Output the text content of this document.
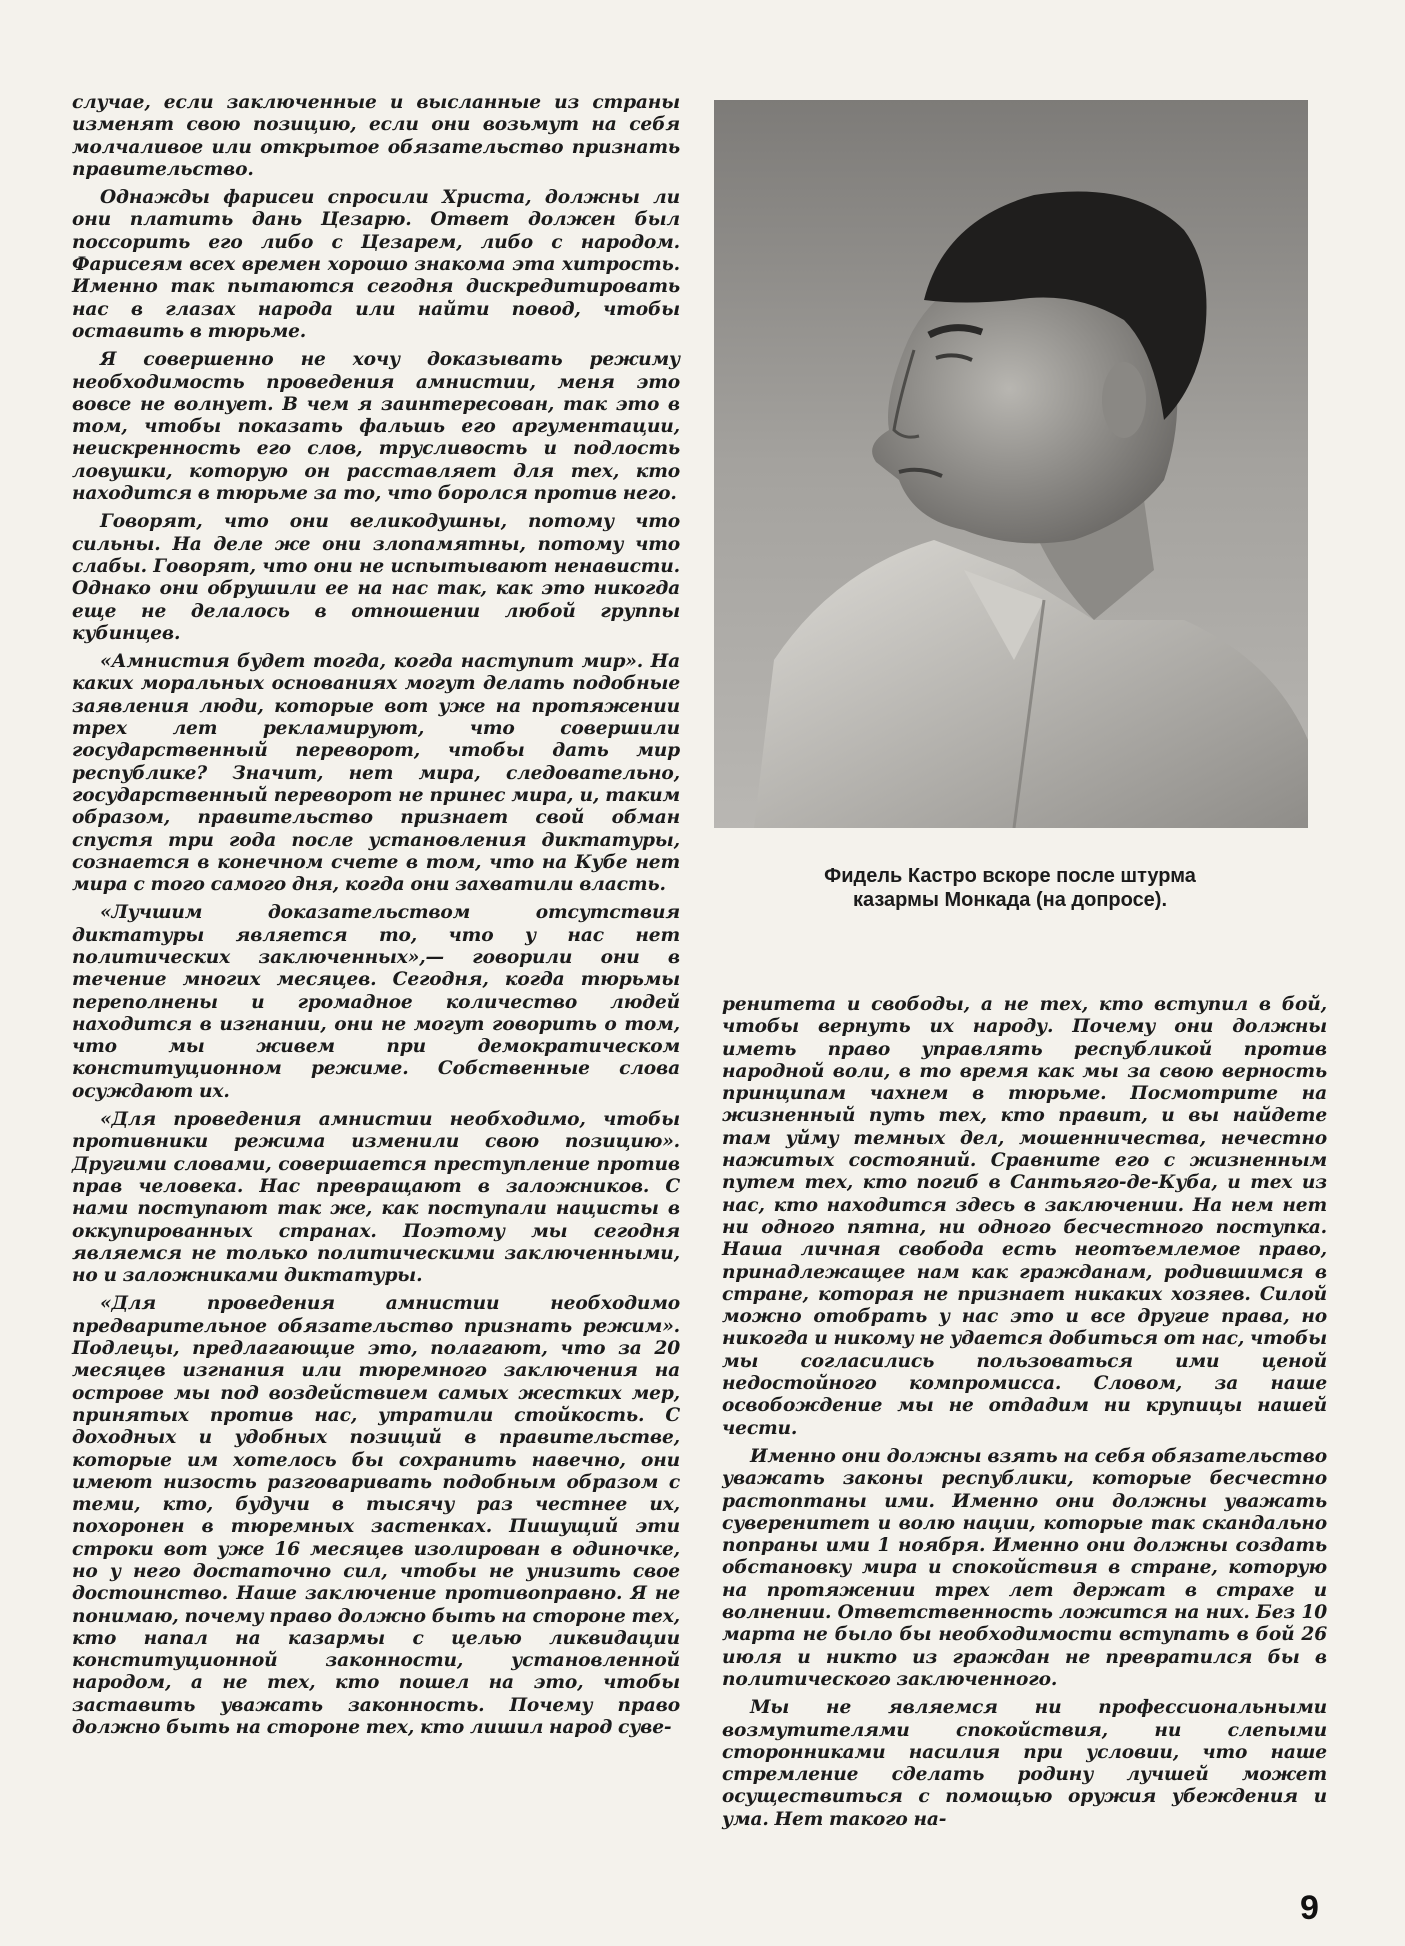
случае, если заключенные и высланные из страны изменят свою позицию, если они возьмут на себя молчаливое или открытое обязательство признать правительство.

Однажды фарисеи спросили Христа, должны ли они платить дань Цезарю. Ответ должен был поссорить его либо с Цезарем, либо с народом. Фарисеям всех времен хорошо знакома эта хитрость. Именно так пытаются сегодня дискредитировать нас в глазах народа или найти повод, чтобы оставить в тюрьме.

Я совершенно не хочу доказывать режиму необходимость проведения амнистии, меня это вовсе не волнует. В чем я заинтересован, так это в том, чтобы показать фальшь его аргументации, неискренность его слов, трусливость и подлость ловушки, которую он расставляет для тех, кто находится в тюрьме за то, что боролся против него.

Говорят, что они великодушны, потому что сильны. На деле же они злопамятны, потому что слабы. Говорят, что они не испытывают ненависти. Однако они обрушили ее на нас так, как это никогда еще не делалось в отношении любой группы кубинцев.

«Амнистия будет тогда, когда наступит мир». На каких моральных основаниях могут делать подобные заявления люди, которые вот уже на протяжении трех лет рекламируют, что совершили государственный переворот, чтобы дать мир республике? Значит, нет мира, следовательно, государственный переворот не принес мира, и, таким образом, правительство признает свой обман спустя три года после установления диктатуры, сознается в конечном счете в том, что на Кубе нет мира с того самого дня, когда они захватили власть.

«Лучшим доказательством отсутствия диктатуры является то, что у нас нет политических заключенных»,— говорили они в течение многих месяцев. Сегодня, когда тюрьмы переполнены и громадное количество людей находится в изгнании, они не могут говорить о том, что мы живем при демократическом конституционном режиме. Собственные слова осуждают их.

«Для проведения амнистии необходимо, чтобы противники режима изменили свою позицию». Другими словами, совершается преступление против прав человека. Нас превращают в заложников. С нами поступают так же, как поступали нацисты в оккупированных странах. Поэтому мы сегодня являемся не только политическими заключенными, но и заложниками диктатуры.

«Для проведения амнистии необходимо предварительное обязательство признать режим». Подлецы, предлагающие это, полагают, что за 20 месяцев изгнания или тюремного заключения на острове мы под воздействием самых жестких мер, принятых против нас, утратили стойкость. С доходных и удобных позиций в правительстве, которые им хотелось бы сохранить навечно, они имеют низость разговаривать подобным образом с теми, кто, будучи в тысячу раз честнее их, похоронен в тюремных застенках. Пишущий эти строки вот уже 16 месяцев изолирован в одиночке, но у него достаточно сил, чтобы не унизить свое достоинство. Наше заключение противоправно. Я не понимаю, почему право должно быть на стороне тех, кто напал на казармы с целью ликвидации конституционной законности, установленной народом, а не тех, кто пошел на это, чтобы заставить уважать законность. Почему право должно быть на стороне тех, кто лишил народ суве-

Фидель Кастро вскоре после штурма
казармы Монкада (на допросе).

ренитета и свободы, а не тех, кто вступил в бой, чтобы вернуть их народу. Почему они должны иметь право управлять республикой против народной воли, в то время как мы за свою верность принципам чахнем в тюрьме. Посмотрите на жизненный путь тех, кто правит, и вы найдете там уйму темных дел, мошенничества, нечестно нажитых состояний. Сравните его с жизненным путем тех, кто погиб в Сантьяго-де-Куба, и тех из нас, кто находится здесь в заключении. На нем нет ни одного пятна, ни одного бесчестного поступка. Наша личная свобода есть неотъемлемое право, принадлежащее нам как гражданам, родившимся в стране, которая не признает никаких хозяев. Силой можно отобрать у нас это и все другие права, но никогда и никому не удается добиться от нас, чтобы мы согласились пользоваться ими ценой недостойного компромисса. Словом, за наше освобождение мы не отдадим ни крупицы нашей чести.

Именно они должны взять на себя обязательство уважать законы республики, которые бесчестно растоптаны ими. Именно они должны уважать суверенитет и волю нации, которые так скандально попраны ими 1 ноября. Именно они должны создать обстановку мира и спокойствия в стране, которую на протяжении трех лет держат в страхе и волнении. Ответственность ложится на них. Без 10 марта не было бы необходимости вступать в бой 26 июля и никто из граждан не превратился бы в политического заключенного.

Мы не являемся ни профессиональными возмутителями спокойствия, ни слепыми сторонниками насилия при условии, что наше стремление сделать родину лучшей может осуществиться с помощью оружия убеждения и ума. Нет такого на-

9
